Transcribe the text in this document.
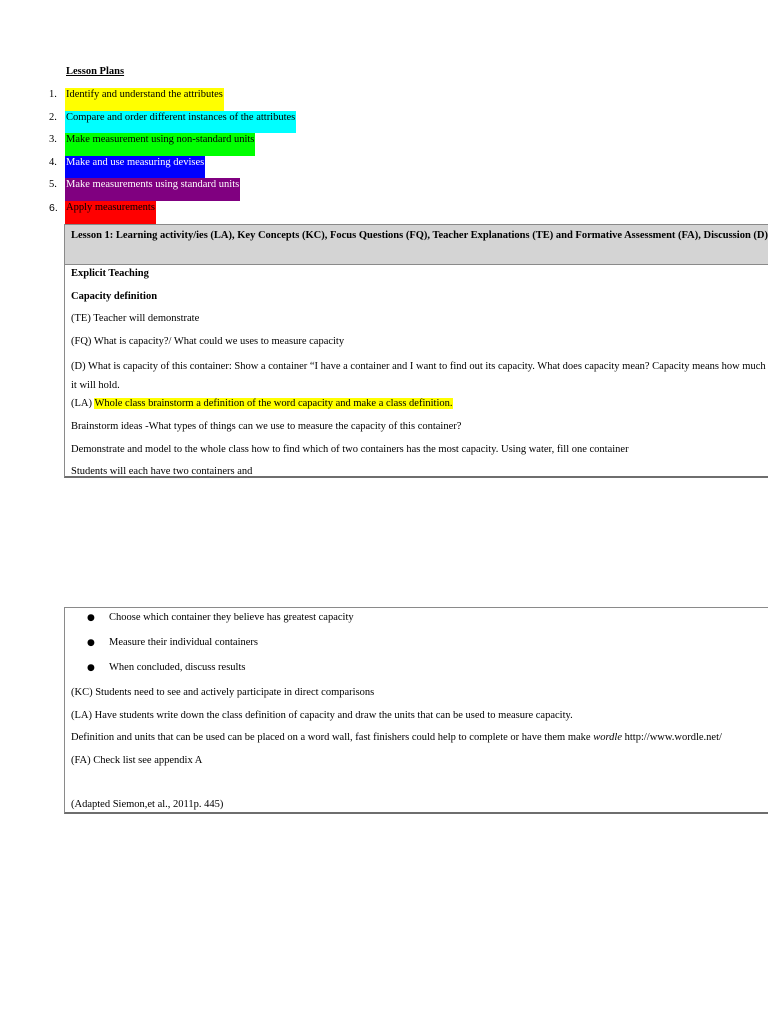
Lesson Plans
1. Identify and understand the attributes
2. Compare and order different instances of the attributes
3. Make measurement using non-standard units
4. Make and use measuring devises
5. Make measurements using standard units
6. Apply measurements
Lesson 1: Learning activity/ies (LA), Key Concepts (KC), Focus Questions (FQ), Teacher Explanations (TE) and Formative Assessment (FA), Discussion (D)
Explicit Teaching
Capacity definition
(TE) Teacher will demonstrate
(FQ) What is capacity?/ What could we uses to measure capacity
(D) What is capacity of this container: Show a container “I have a container and I want to find out its capacity. What does capacity mean? Capacity means how much it will hold.
(LA) Whole class brainstorm a definition of the word capacity and make a class definition.
Brainstorm ideas -What types of things can we use to measure the capacity of this container?
Demonstrate and model to the whole class how to find which of two containers has the most capacity. Using water, fill one container
Students will each have two containers and
●	Choose which container they believe has greatest capacity
●	Measure their individual containers
●	When concluded, discuss results
(KC) Students need to see and actively participate in direct comparisons
(LA) Have students write down the class definition of capacity and draw the units that can be used to measure capacity.
Definition and units that can be used can be placed on a word wall, fast finishers could help to complete or have them make wordle http://www.wordle.net/
(FA) Check list see appendix A
(Adapted Siemon,et al., 2011p. 445)
